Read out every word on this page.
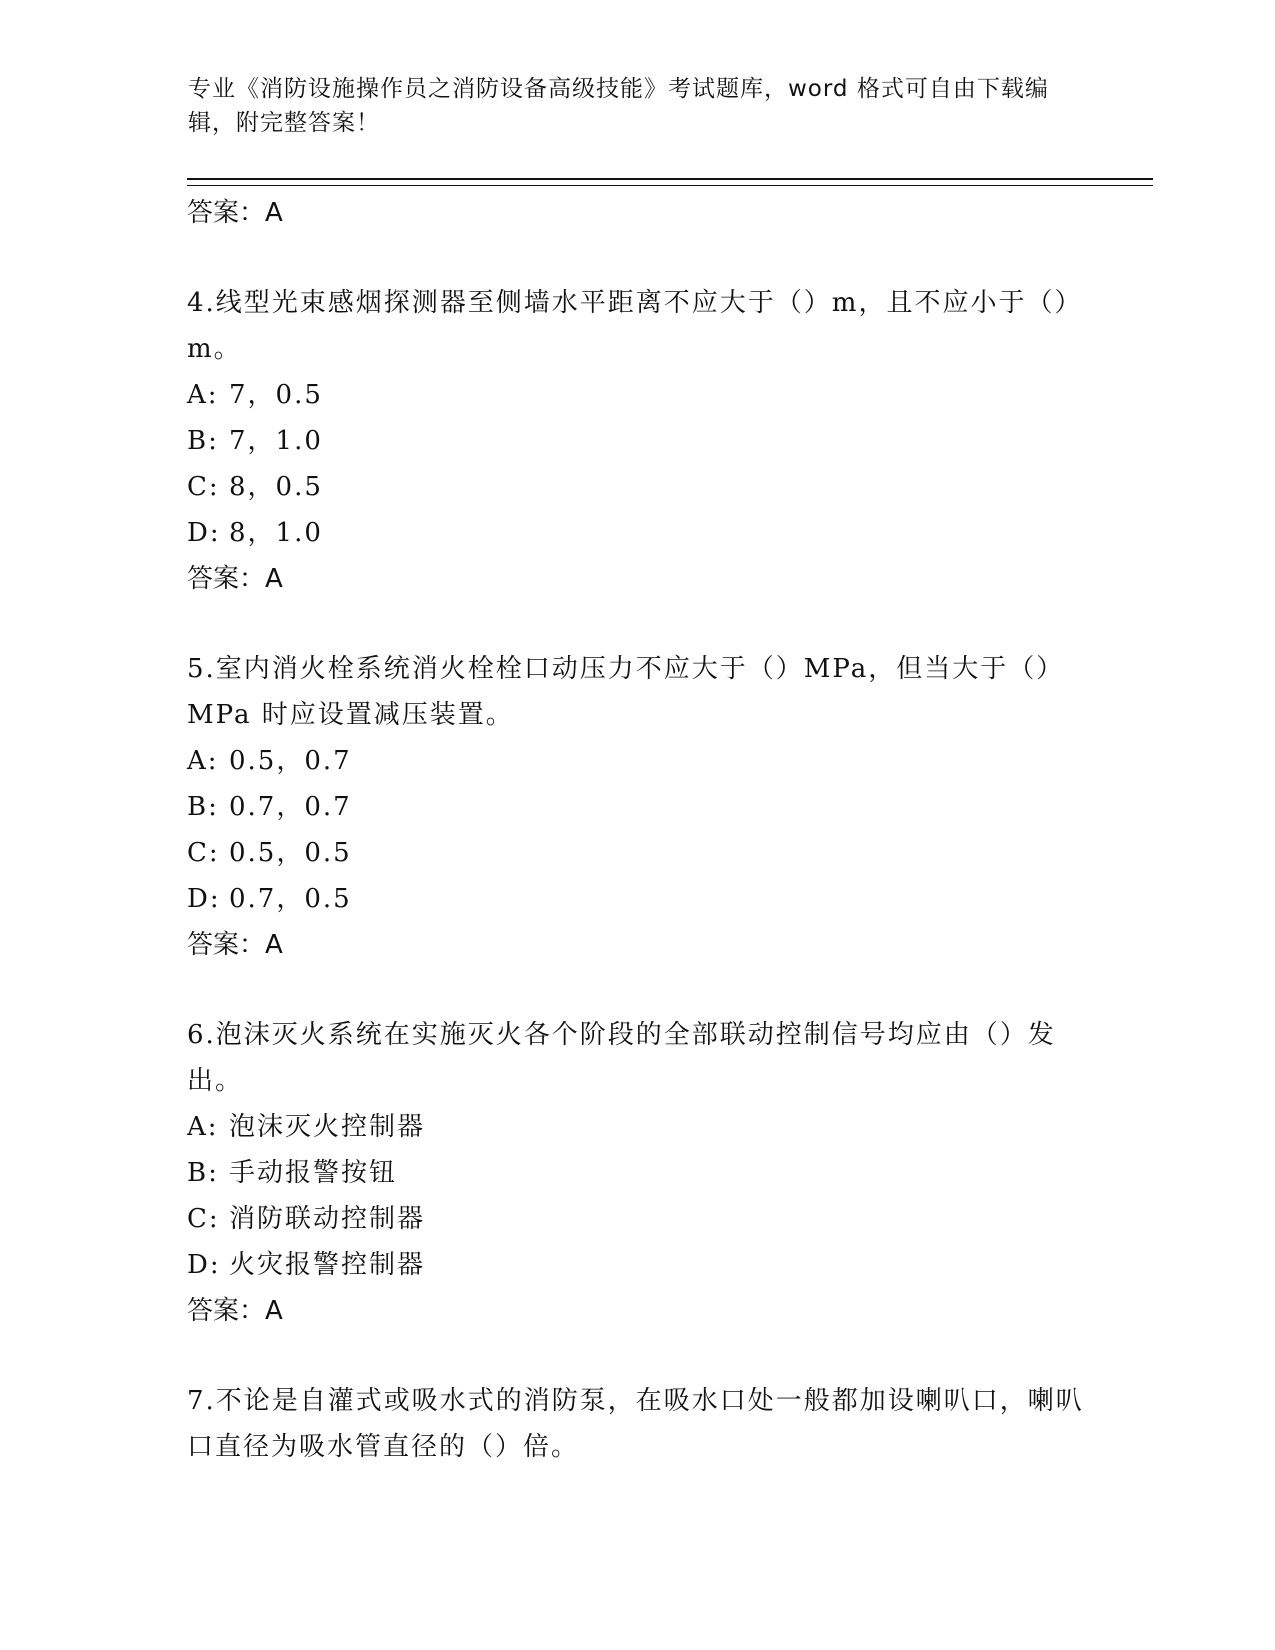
专业《消防设施操作员之消防设备高级技能》考试题库，word 格式可自由下载编辑，附完整答案！

答案：A

4.线型光束感烟探测器至侧墙水平距离不应大于（）m，且不应小于（）m。

A: 7，0.5
B: 7，1.0
C: 8，0.5
D: 8，1.0

答案：A

5.室内消火栓系统消火栓栓口动压力不应大于（）MPa，但当大于（）MPa 时应设置减压装置。

A: 0.5，0.7
B: 0.7，0.7
C: 0.5，0.5
D: 0.7，0.5

答案：A

6.泡沫灭火系统在实施灭火各个阶段的全部联动控制信号均应由（）发出。

A: 泡沫灭火控制器
B: 手动报警按钮
C: 消防联动控制器
D: 火灾报警控制器

答案：A

7.不论是自灌式或吸水式的消防泵，在吸水口处一般都加设喇叭口，喇叭口直径为吸水管直径的（）倍。
